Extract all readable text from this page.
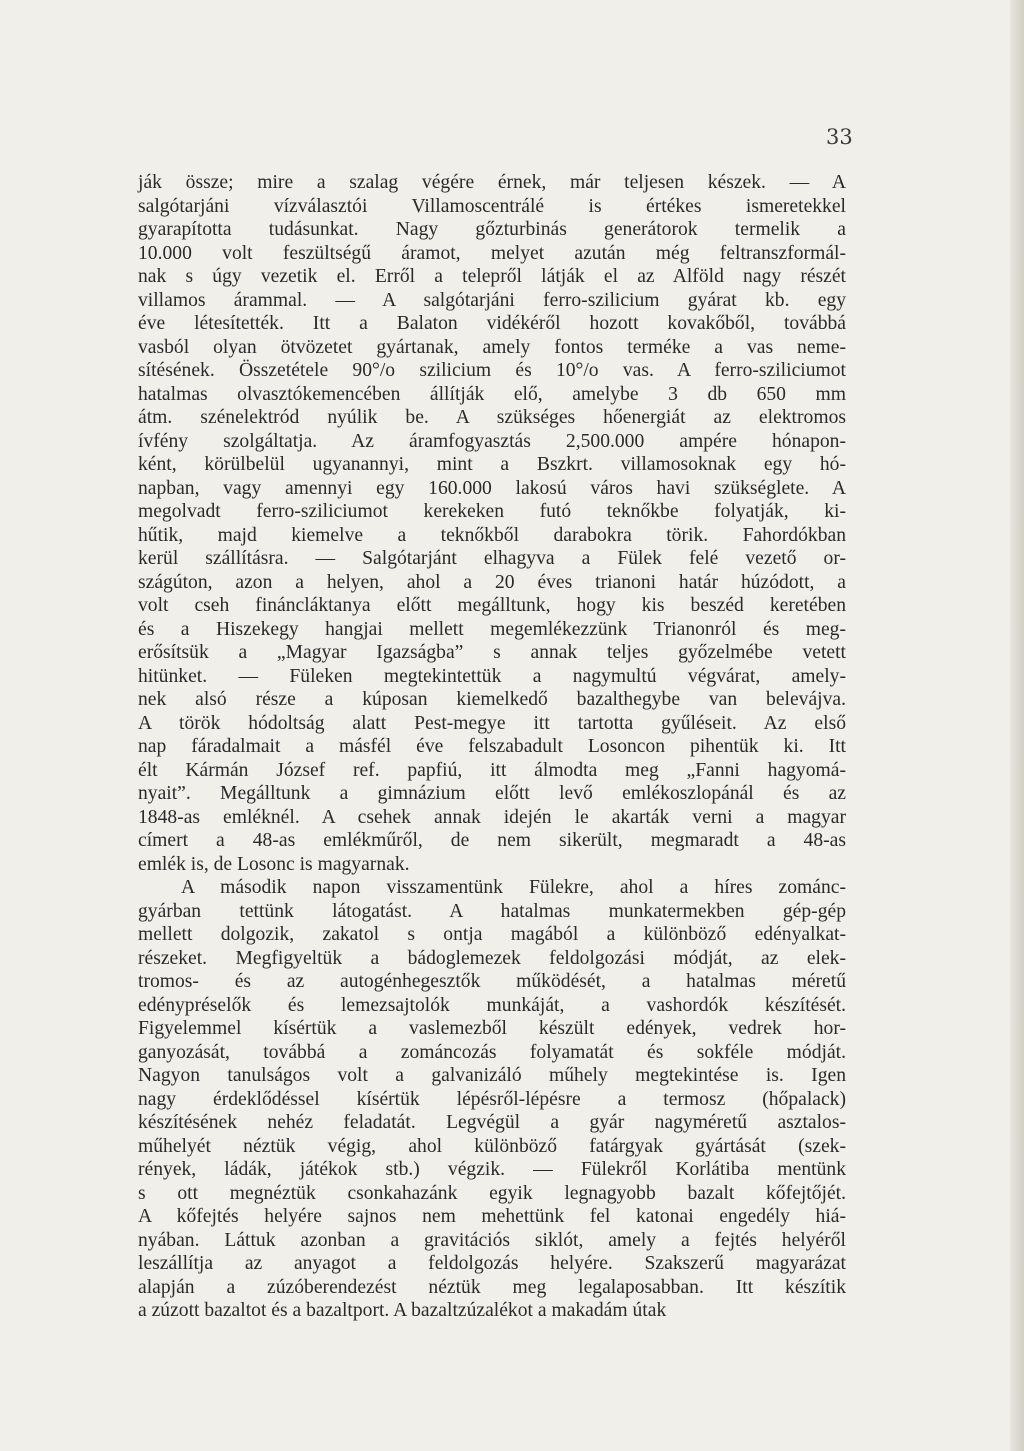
33
ják össze; mire a szalag végére érnek, már teljesen készek. — A
salgótarjáni vízválasztói Villamoscentrálé is értékes ismeretekkel
gyarapította tudásunkat. Nagy gőzturbinás generátorok termelik a
10.000 volt feszültségű áramot, melyet azután még feltranszformál-
nak s úgy vezetik el. Erről a telepről látják el az Alföld nagy részét
villamos árammal. — A salgótarjáni ferro-szilicium gyárat kb. egy
éve létesítették. Itt a Balaton vidékéről hozott kovakőből, továbbá
vasból olyan ötvözetet gyártanak, amely fontos terméke a vas neme-
sítésének. Összetétele 90°/o szilicium és 10°/o vas. A ferro-sziliciumot
hatalmas olvasztókemencében állítják elő, amelybe 3 db 650 mm
átm. szénelektród nyúlik be. A szükséges hőenergiát az elektromos
ívfény szolgáltatja. Az áramfogyasztás 2,500.000 ampére hónapon-
ként, körülbelül ugyanannyi, mint a Bszkrt. villamosoknak egy hó-
napban, vagy amennyi egy 160.000 lakosú város havi szükséglete. A
megolvadt ferro-sziliciumot kerekeken futó teknőkbe folyatják, ki-
hűtik, majd kiemelve a teknőkből darabokra törik. Fahordókban
kerül szállításra. — Salgótarjánt elhagyva a Fülek felé vezető or-
szágúton, azon a helyen, ahol a 20 éves trianoni határ húzódott, a
volt cseh fináncláktanya előtt megálltunk, hogy kis beszéd keretében
és a Hiszekegy hangjai mellett megemlékezzünk Trianonról és meg-
erősítsük a „Magyar Igazságba” s annak teljes győzelmébe vetett
hitünket. — Füleken megtekintettük a nagymultú végvárat, amely-
nek alsó része a kúposan kiemelkedő bazalthegybe van belevájva.
A török hódoltság alatt Pest-megye itt tartotta gyűléseit. Az első
nap fáradalmait a másfél éve felszabadult Losoncon pihentük ki. Itt
élt Kármán József ref. papfiú, itt álmodta meg „Fanni hagyomá-
nyait”. Megálltunk a gimnázium előtt levő emlékoszlopánál és az
1848-as emléknél. A csehek annak idején le akarták verni a magyar
címert a 48-as emlékműről, de nem sikerült, megmaradt a 48-as
emlék is, de Losonc is magyarnak.
A második napon visszamentünk Fülekre, ahol a híres zománc-
gyárban tettünk látogatást. A hatalmas munkatermekben gép-gép
mellett dolgozik, zakatol s ontja magából a különböző edényalkat-
részeket. Megfigyeltük a bádoglemezek feldolgozási módját, az elek-
tromos- és az autogénhegesztők működését, a hatalmas méretű
edénypréselők és lemezsajtolók munkáját, a vashordók készítését.
Figyelemmel kísértük a vaslemezből készült edények, vedrek hor-
ganyozását, továbbá a zománcozás folyamatát és sokféle módját.
Nagyon tanulságos volt a galvanizáló műhely megtekintése is. Igen
nagy érdeklődéssel kísértük lépésről-lépésre a termosz (hőpalack)
készítésének nehéz feladatát. Legvégül a gyár nagyméretű asztalos-
műhelyét néztük végig, ahol különböző fatárgyak gyártását (szek-
rények, ládák, játékok stb.) végzik. — Fülekről Korlátiba mentünk
s ott megnéztük csonkahazánk egyik legnagyobb bazalt kőfejtőjét.
A kőfejtés helyére sajnos nem mehettünk fel katonai engedély hiá-
nyában. Láttuk azonban a gravitációs siklót, amely a fejtés helyéről
leszállítja az anyagot a feldolgozás helyére. Szakszerű magyarázat
alapján a zúzóberendezést néztük meg legalaposabban. Itt készítik
a zúzott bazaltot és a bazaltport. A bazaltzúzalékot a makadám útak
